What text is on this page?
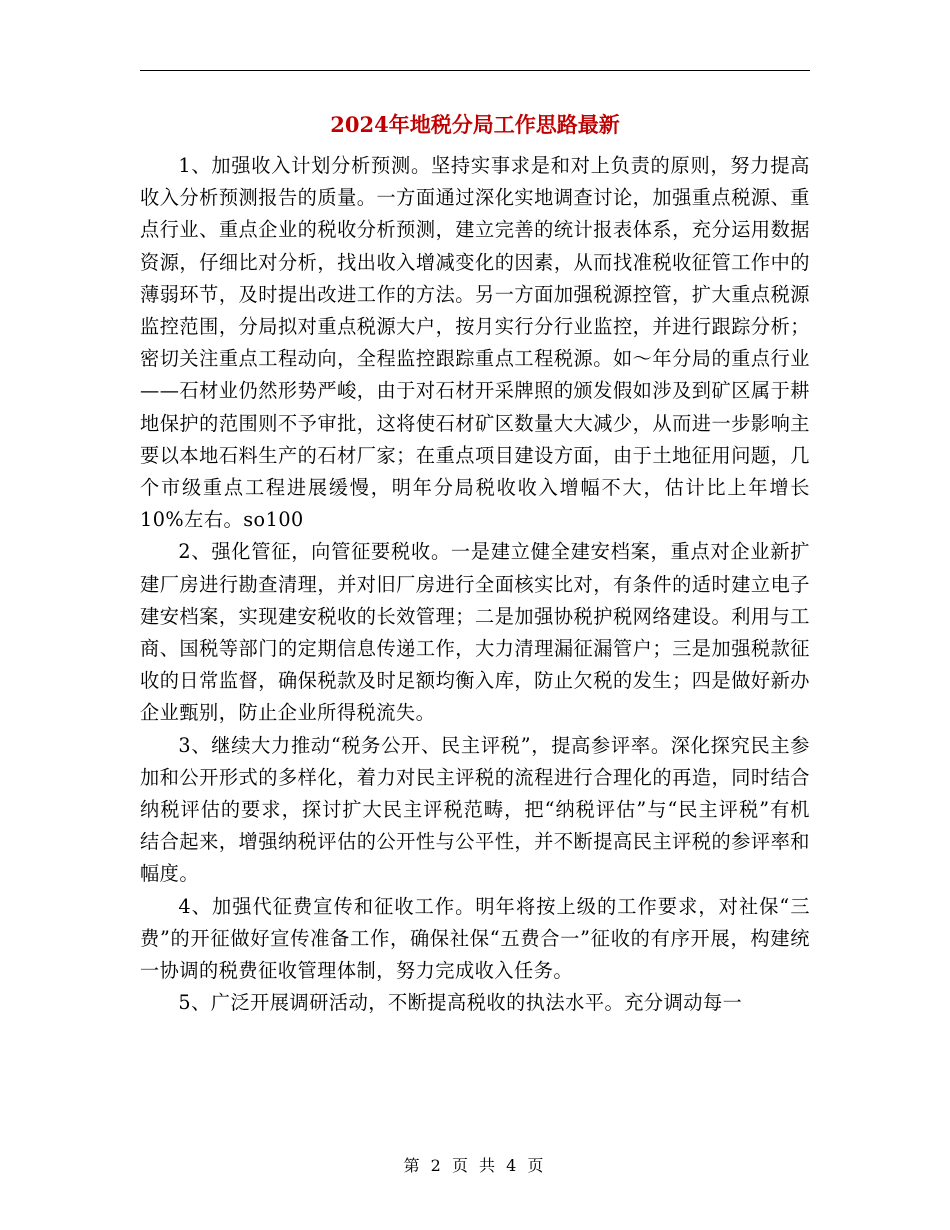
2024年地税分局工作思路最新

1、加强收入计划分析预测。坚持实事求是和对上负责的原则，努力提高收入分析预测报告的质量。一方面通过深化实地调查讨论，加强重点税源、重点行业、重点企业的税收分析预测，建立完善的统计报表体系，充分运用数据资源，仔细比对分析，找出收入增减变化的因素，从而找准税收征管工作中的薄弱环节，及时提出改进工作的方法。另一方面加强税源控管，扩大重点税源监控范围，分局拟对重点税源大户，按月实行分行业监控，并进行跟踪分析；密切关注重点工程动向，全程监控跟踪重点工程税源。如～年分局的重点行业——石材业仍然形势严峻，由于对石材开采牌照的颁发假如涉及到矿区属于耕地保护的范围则不予审批，这将使石材矿区数量大大减少，从而进一步影响主要以本地石料生产的石材厂家；在重点项目建设方面，由于土地征用问题，几个市级重点工程进展缓慢，明年分局税收收入增幅不大，估计比上年增长10%左右。so100

2、强化管征，向管征要税收。一是建立健全建安档案，重点对企业新扩建厂房进行勘查清理，并对旧厂房进行全面核实比对，有条件的适时建立电子建安档案，实现建安税收的长效管理；二是加强协税护税网络建设。利用与工商、国税等部门的定期信息传递工作，大力清理漏征漏管户；三是加强税款征收的日常监督，确保税款及时足额均衡入库，防止欠税的发生；四是做好新办企业甄别，防止企业所得税流失。

3、继续大力推动“税务公开、民主评税”，提高参评率。深化探究民主参加和公开形式的多样化，着力对民主评税的流程进行合理化的再造，同时结合纳税评估的要求，探讨扩大民主评税范畴，把“纳税评估”与“民主评税”有机结合起来，增强纳税评估的公开性与公平性，并不断提高民主评税的参评率和幅度。

4、加强代征费宣传和征收工作。明年将按上级的工作要求，对社保“三费”的开征做好宣传准备工作，确保社保“五费合一”征收的有序开展，构建统一协调的税费征收管理体制，努力完成收入任务。

5、广泛开展调研活动，不断提高税收的执法水平。充分调动每一

第 2 页 共 4 页
